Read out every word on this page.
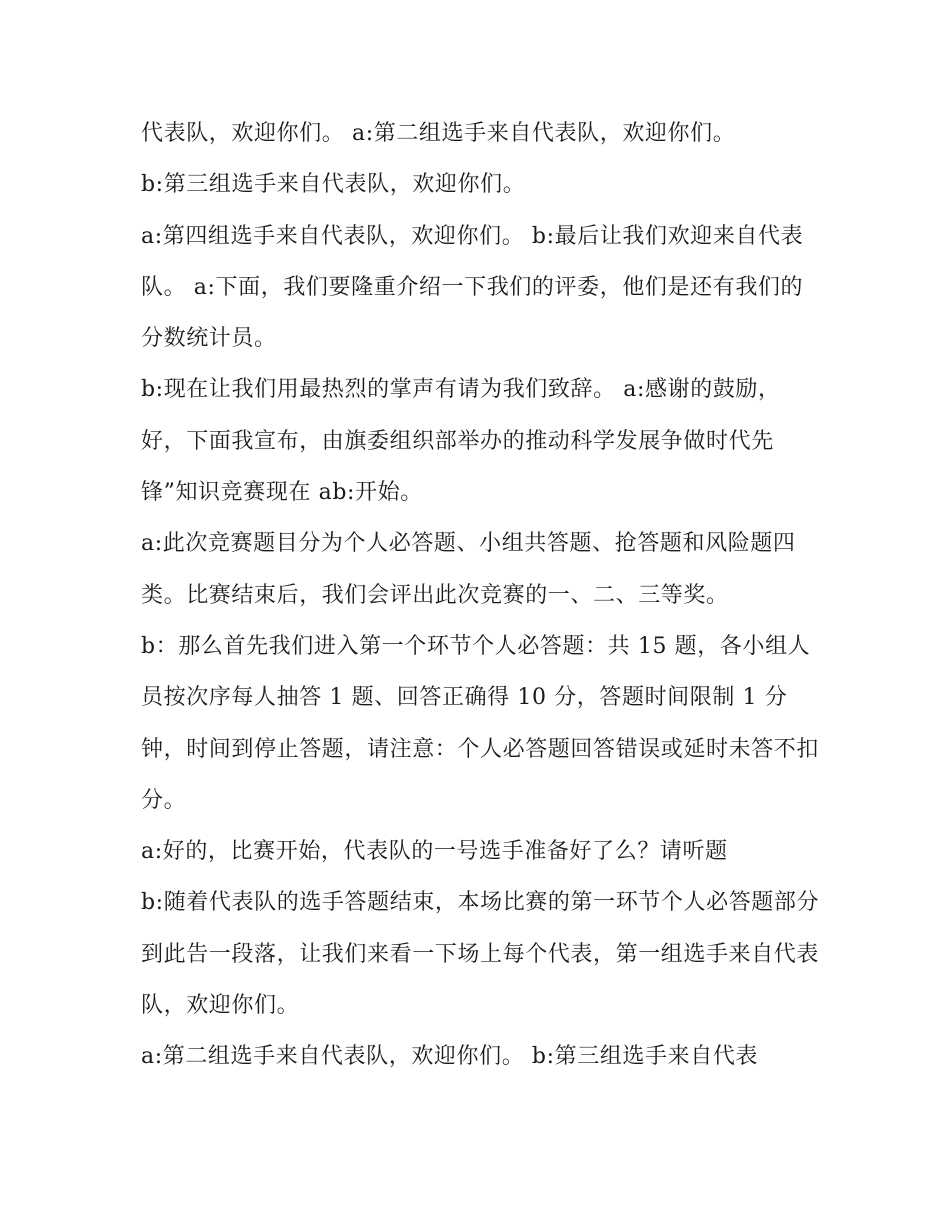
代表队，欢迎你们。 a:第二组选手来自代表队，欢迎你们。

b:第三组选手来自代表队，欢迎你们。

a:第四组选手来自代表队，欢迎你们。 b:最后让我们欢迎来自代表队。 a:下面，我们要隆重介绍一下我们的评委，他们是还有我们的分数统计员。

b:现在让我们用最热烈的掌声有请为我们致辞。 a:感谢的鼓励，好，下面我宣布，由旗委组织部举办的推动科学发展争做时代先锋”知识竞赛现在 ab:开始。

a:此次竞赛题目分为个人必答题、小组共答题、抢答题和风险题四类。比赛结束后，我们会评出此次竞赛的一、二、三等奖。

b：那么首先我们进入第一个环节个人必答题：共 15 题，各小组人员按次序每人抽答 1 题、回答正确得 10 分，答题时间限制 1 分钟，时间到停止答题，请注意：个人必答题回答错误或延时未答不扣分。

a:好的，比赛开始，代表队的一号选手准备好了么？请听题

b:随着代表队的选手答题结束，本场比赛的第一环节个人必答题部分到此告一段落，让我们来看一下场上每个代表，第一组选手来自代表队，欢迎你们。

a:第二组选手来自代表队，欢迎你们。 b:第三组选手来自代表
